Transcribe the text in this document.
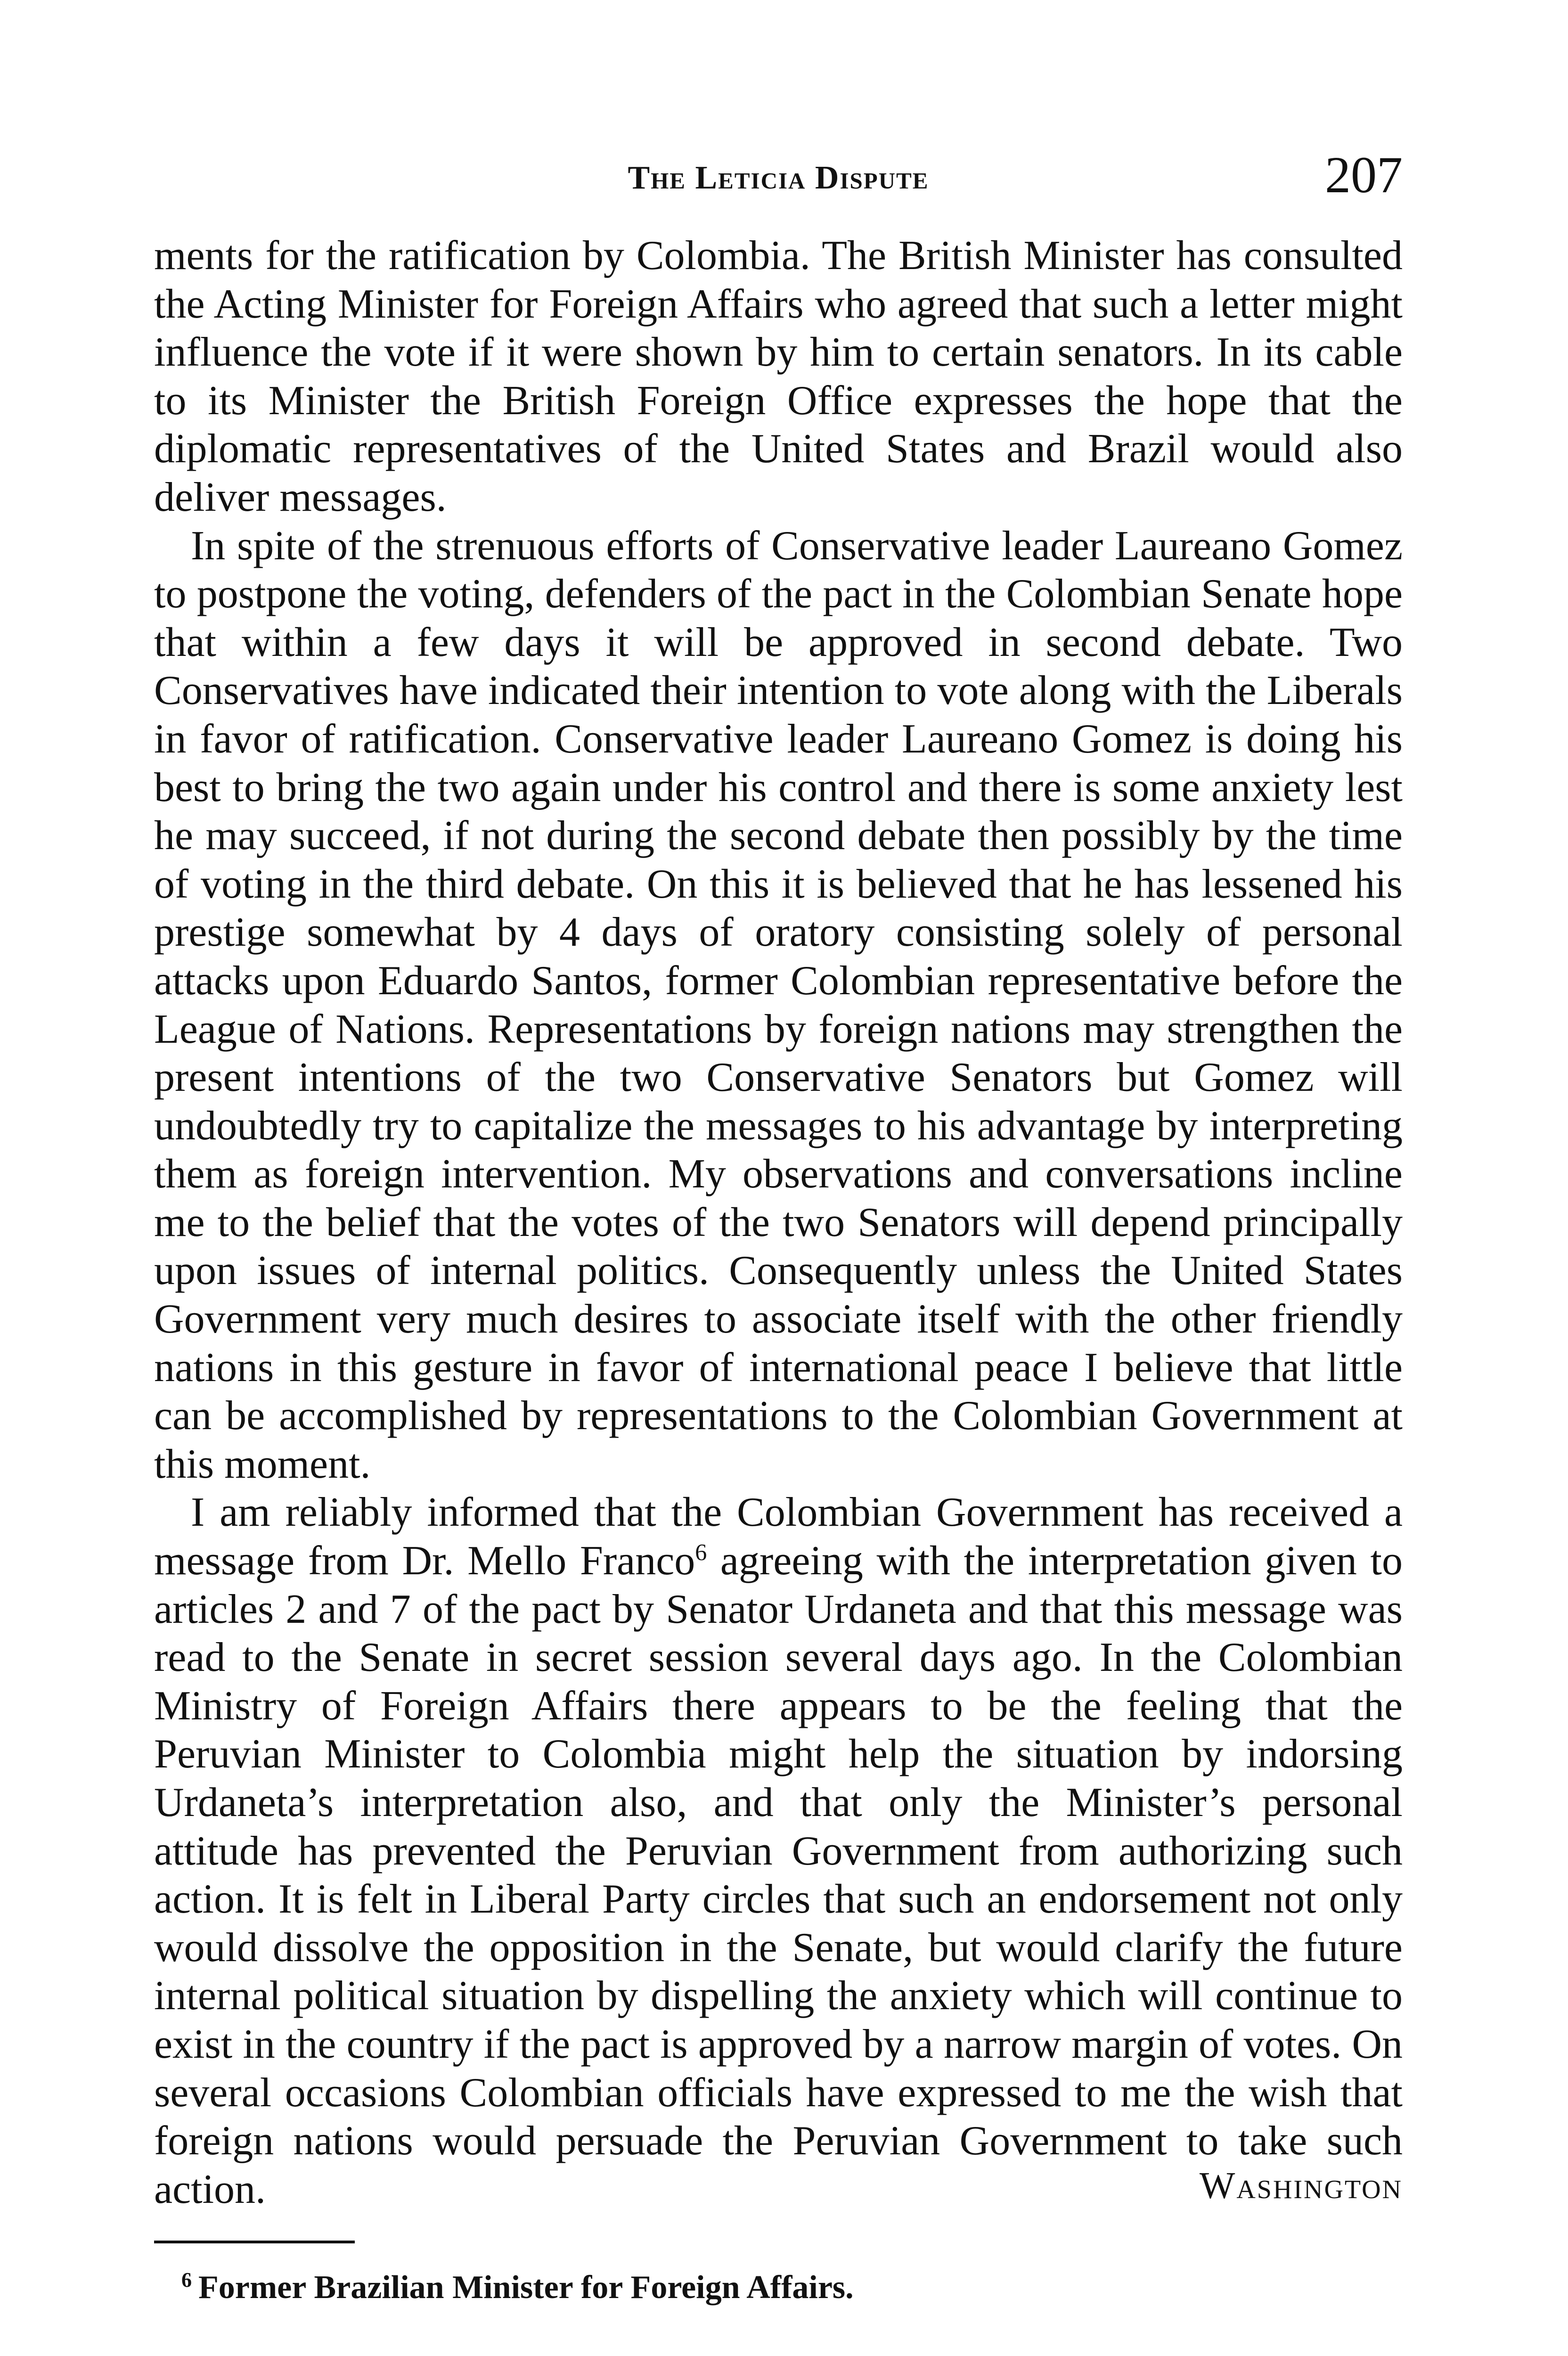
The Leticia Dispute	207

ments for the ratification by Colombia. The British Minister has consulted the Acting Minister for Foreign Affairs who agreed that such a letter might influence the vote if it were shown by him to certain senators. In its cable to its Minister the British Foreign Office expresses the hope that the diplomatic representatives of the United States and Brazil would also deliver messages.

In spite of the strenuous efforts of Conservative leader Laureano Gomez to postpone the voting, defenders of the pact in the Colombian Senate hope that within a few days it will be approved in second debate. Two Conservatives have indicated their intention to vote along with the Liberals in favor of ratification. Conservative leader Laureano Gomez is doing his best to bring the two again under his control and there is some anxiety lest he may succeed, if not during the second debate then possibly by the time of voting in the third debate. On this it is believed that he has lessened his prestige somewhat by 4 days of oratory consisting solely of personal attacks upon Eduardo Santos, former Colombian representative before the League of Nations. Representations by foreign nations may strengthen the present intentions of the two Conservative Senators but Gomez will undoubtedly try to capitalize the messages to his advantage by interpreting them as foreign intervention. My observations and conversations incline me to the belief that the votes of the two Senators will depend principally upon issues of internal politics. Consequently unless the United States Government very much desires to associate itself with the other friendly nations in this gesture in favor of international peace I believe that little can be accomplished by representations to the Colombian Government at this moment.

I am reliably informed that the Colombian Government has received a message from Dr. Mello Franco$^6$ agreeing with the interpretation given to articles 2 and 7 of the pact by Senator Urdaneta and that this message was read to the Senate in secret session several days ago. In the Colombian Ministry of Foreign Affairs there appears to be the feeling that the Peruvian Minister to Colombia might help the situation by indorsing Urdaneta’s interpretation also, and that only the Minister’s personal attitude has prevented the Peruvian Government from authorizing such action. It is felt in Liberal Party circles that such an endorsement not only would dissolve the opposition in the Senate, but would clarify the future internal political situation by dispelling the anxiety which will continue to exist in the country if the pact is approved by a narrow margin of votes. On several occasions Colombian officials have expressed to me the wish that foreign nations would persuade the Peruvian Government to take such action.	Washington
$^6$ Former Brazilian Minister for Foreign Affairs.
